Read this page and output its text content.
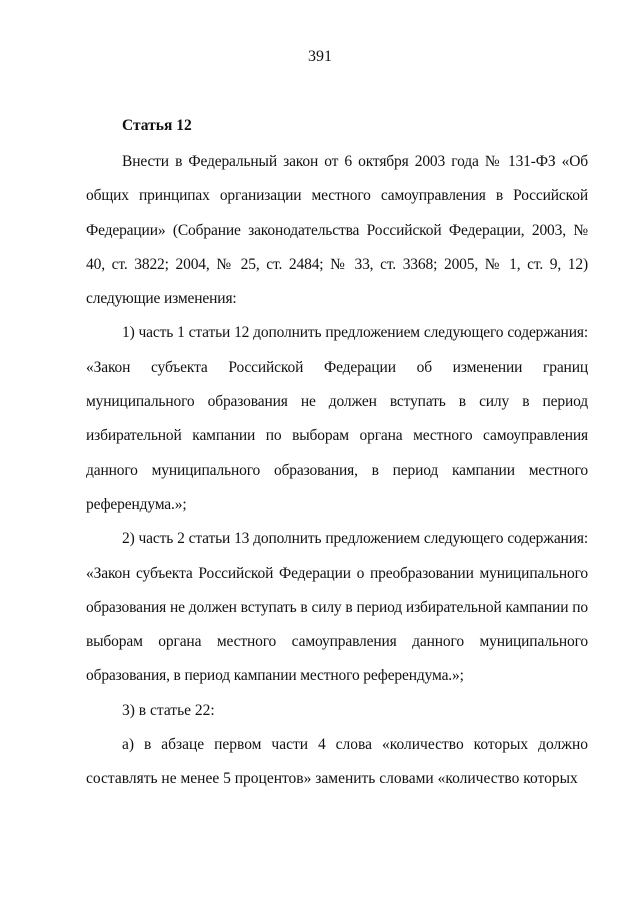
391
Статья 12

Внести в Федеральный закон от 6 октября 2003 года № 131-ФЗ «Об общих принципах организации местного самоуправления в Российской Федерации» (Собрание законодательства Российской Федерации, 2003, № 40, ст. 3822; 2004, № 25, ст. 2484; № 33, ст. 3368; 2005, № 1, ст. 9, 12) следующие изменения:

1) часть 1 статьи 12 дополнить предложением следующего содержания: «Закон субъекта Российской Федерации об изменении границ муниципального образования не должен вступать в силу в период избирательной кампании по выборам органа местного самоуправления данного муниципального образования, в период кампании местного референдума.»;

2) часть 2 статьи 13 дополнить предложением следующего содержания: «Закон субъекта Российской Федерации о преобразовании муниципального образования не должен вступать в силу в период избирательной кампании по выборам органа местного самоуправления данного муниципального образования, в период кампании местного референдума.»;

3) в статье 22:

а) в абзаце первом части 4 слова «количество которых должно составлять не менее 5 процентов» заменить словами «количество которых
